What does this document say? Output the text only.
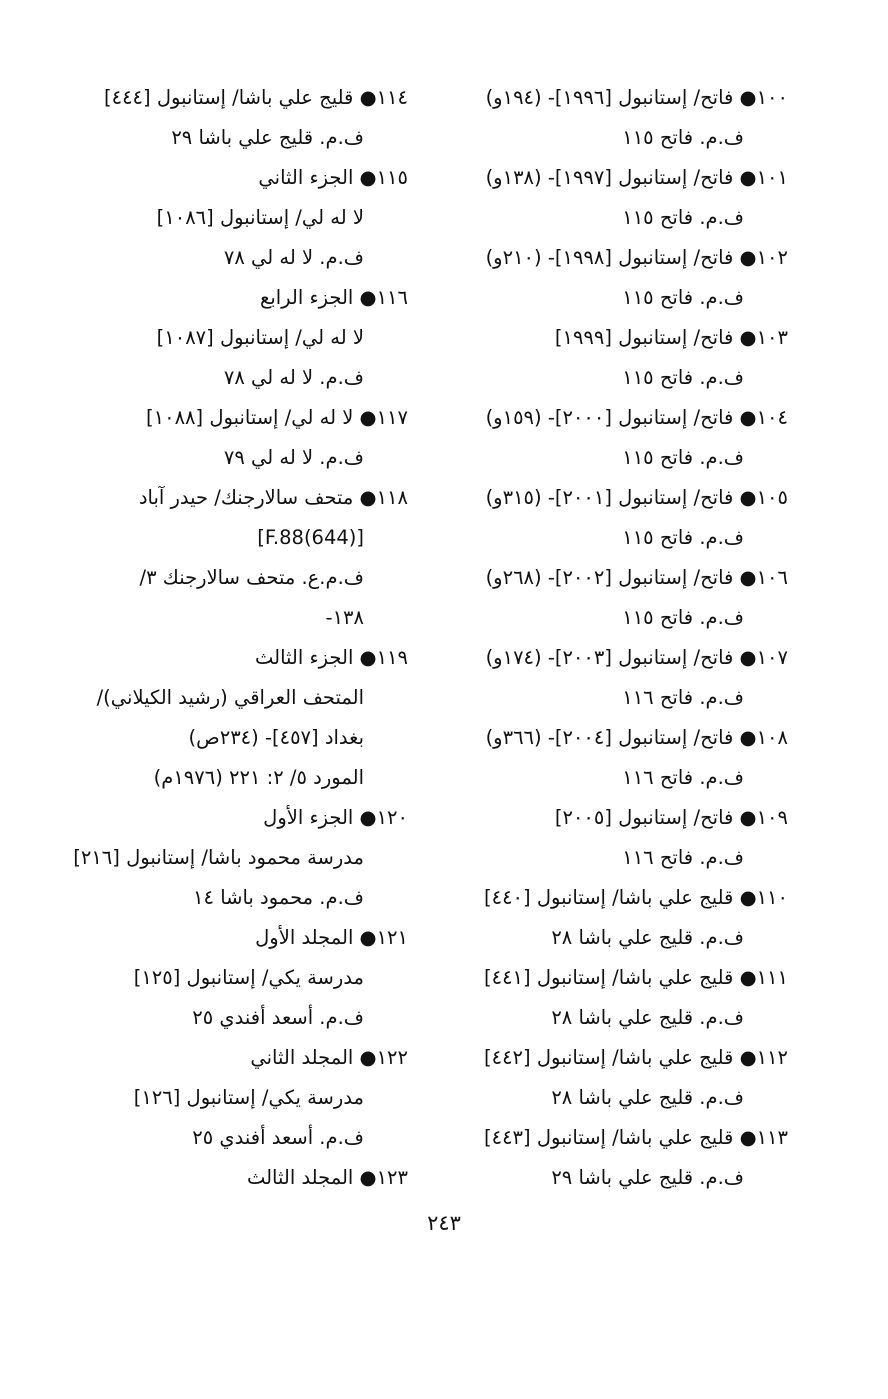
١٠٠● فاتح/ إستانبول [١٩٩٦]- (١٩٤و)
ف.م. فاتح ١١٥
١٠١● فاتح/ إستانبول [١٩٩٧]- (١٣٨و)
ف.م. فاتح ١١٥
١٠٢● فاتح/ إستانبول [١٩٩٨]- (٢١٠و)
ف.م. فاتح ١١٥
١٠٣● فاتح/ إستانبول [١٩٩٩]
ف.م. فاتح ١١٥
١٠٤● فاتح/ إستانبول [٢٠٠٠]- (١٥٩و)
ف.م. فاتح ١١٥
١٠٥● فاتح/ إستانبول [٢٠٠١]- (٣١٥و)
ف.م. فاتح ١١٥
١٠٦● فاتح/ إستانبول [٢٠٠٢]- (٢٦٨و)
ف.م. فاتح ١١٥
١٠٧● فاتح/ إستانبول [٢٠٠٣]- (١٧٤و)
ف.م. فاتح ١١٦
١٠٨● فاتح/ إستانبول [٢٠٠٤]- (٣٦٦و)
ف.م. فاتح ١١٦
١٠٩● فاتح/ إستانبول [٢٠٠٥]
ف.م. فاتح ١١٦
١١٠● قليج علي باشا/ إستانبول [٤٤٠]
ف.م. قليج علي باشا ٢٨
١١١● قليج علي باشا/ إستانبول [٤٤١]
ف.م. قليج علي باشا ٢٨
١١٢● قليج علي باشا/ إستانبول [٤٤٢]
ف.م. قليج علي باشا ٢٨
١١٣● قليج علي باشا/ إستانبول [٤٤٣]
ف.م. قليج علي باشا ٢٩
١١٤● قليج علي باشا/ إستانبول [٤٤٤]
ف.م. قليج علي باشا ٢٩
١١٥● الجزء الثاني
لا له لي/ إستانبول [١٠٨٦]
ف.م. لا له لي ٧٨
١١٦● الجزء الرابع
لا له لي/ إستانبول [١٠٨٧]
ف.م. لا له لي ٧٨
١١٧● لا له لي/ إستانبول [١٠٨٨]
ف.م. لا له لي ٧٩
١١٨● متحف سالارجنك/ حيدر آباد
[(644)F.88]
ف.م.ع. متحف سالارجنك ٣/
١٣٨-
١١٩● الجزء الثالث
المتحف العراقي (رشيد الكيلاني)/
بغداد [٤٥٧]- (٢٣٤ص)
المورد ٥/ ٢: ٢٢١ (١٩٧٦م)
١٢٠● الجزء الأول
مدرسة محمود باشا/ إستانبول [٢١٦]
ف.م. محمود باشا ١٤
١٢١● المجلد الأول
مدرسة يكي/ إستانبول [١٢٥]
ف.م. أسعد أفندي ٢٥
١٢٢● المجلد الثاني
مدرسة يكي/ إستانبول [١٢٦]
ف.م. أسعد أفندي ٢٥
١٢٣● المجلد الثالث
٢٤٣
